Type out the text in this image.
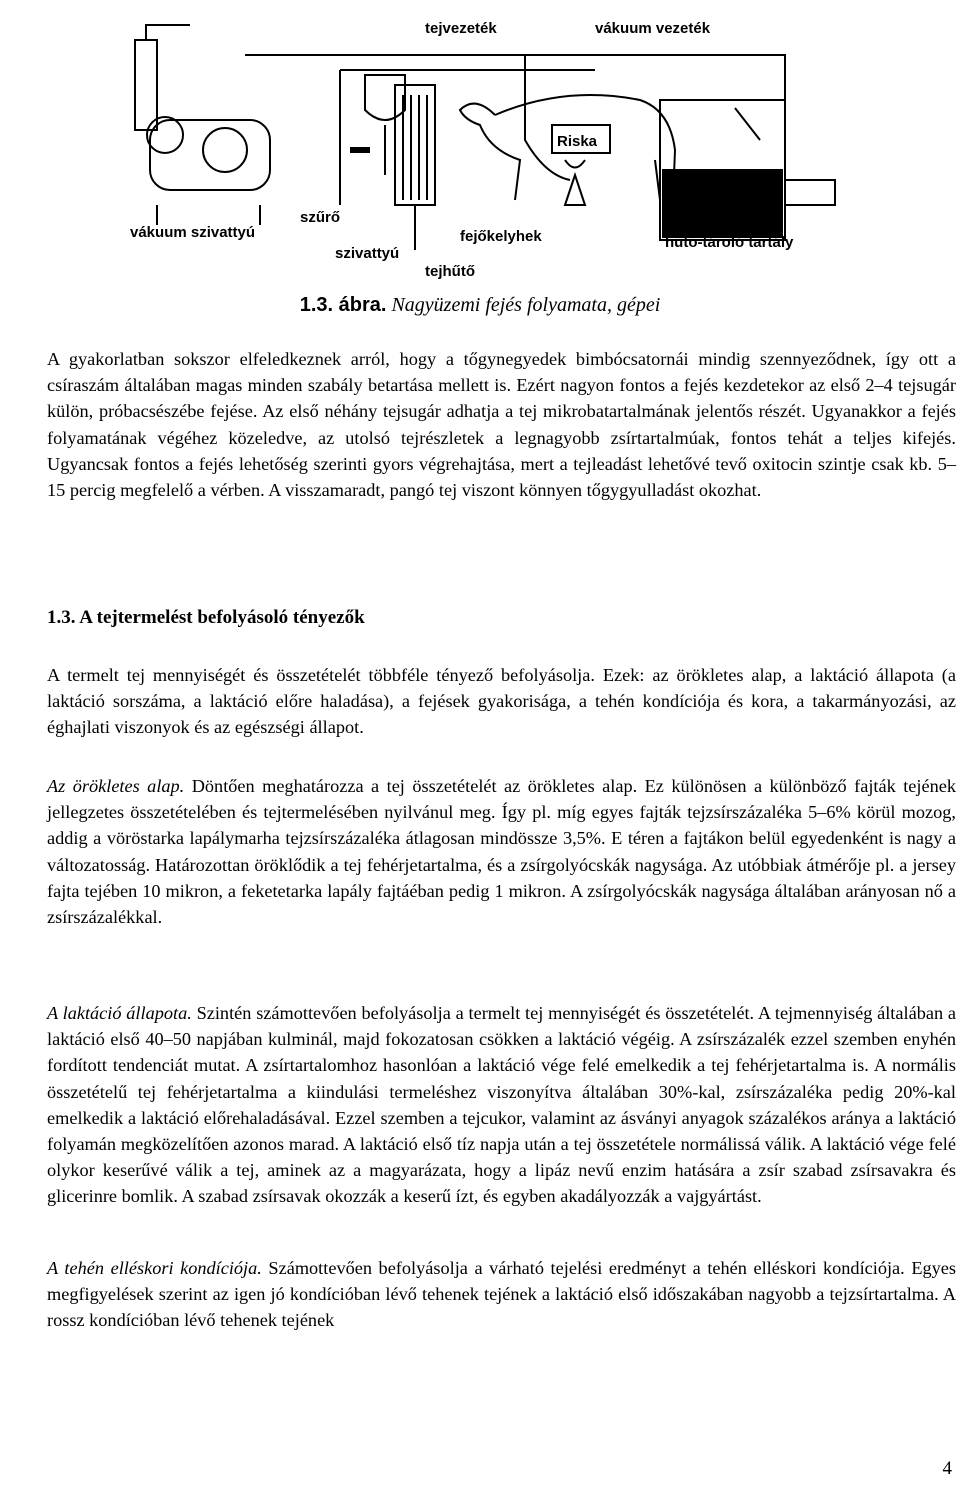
tejvezeték	vákuum vezeték
Riska
vákuum szivattyú
szűrő
szivattyú
fejőkelyhek	hűtő-tároló tartály
tejhűtő
1.3. ábra. Nagyüzemi fejés folyamata, gépei

A gyakorlatban sokszor elfeledkeznek arról, hogy a tőgynegyedek bimbócsatornái mindig szennyeződnek, így ott a csíraszám általában magas minden szabály betartása mellett is. Ezért nagyon fontos a fejés kezdetekor az első 2–4 tejsugár külön, próbacsészébe fejése. Az első néhány tejsugár adhatja a tej mikrobatartalmának jelentős részét. Ugyanakkor a fejés folyamatának végéhez közeledve, az utolsó tejrészletek a legnagyobb zsírtartalmúak, fontos tehát a teljes kifejés. Ugyancsak fontos a fejés lehetőség szerinti gyors végrehajtása, mert a tejleadást lehetővé tevő oxitocin szintje csak kb. 5–15 percig megfelelő a vérben. A visszamaradt, pangó tej viszont könnyen tőgygyulladást okozhat.

1.3. A tejtermelést befolyásoló tényezők

A termelt tej mennyiségét és összetételét többféle tényező befolyásolja. Ezek: az örökletes alap, a laktáció állapota (a laktáció sorszáma, a laktáció előre haladása), a fejések gyakorisága, a tehén kondíciója és kora, a takarmányozási, az éghajlati viszonyok és az egészségi állapot.

Az örökletes alap. Döntően meghatározza a tej összetételét az örökletes alap. Ez különösen a különböző fajták tejének jellegzetes összetételében és tejtermelésében nyilvánul meg. Így pl. míg egyes fajták tejzsírszázaléka 5–6% körül mozog, addig a vöröstarka lapálymarha tejzsírszázaléka átlagosan mindössze 3,5%. E téren a fajtákon belül egyedenként is nagy a változatosság. Határozottan öröklődik a tej fehérjetartalma, és a zsírgolyócskák nagysága. Az utóbbiak átmérője pl. a jersey fajta tejében 10 mikron, a feketetarka lapály fajtáéban pedig 1 mikron. A zsírgolyócskák nagysága általában arányosan nő a zsírszázalékkal.

A laktáció állapota. Szintén számottevően befolyásolja a termelt tej mennyiségét és összetételét. A tejmennyiség általában a laktáció első 40–50 napjában kulminál, majd fokozatosan csökken a laktáció végéig. A zsírszázalék ezzel szemben enyhén fordított tendenciát mutat. A zsírtartalomhoz hasonlóan a laktáció vége felé emelkedik a tej fehérjetartalma is. A normális összetételű tej fehérjetartalma a kiindulási termeléshez viszonyítva általában 30%-kal, zsírszázaléka pedig 20%-kal emelkedik a laktáció előrehaladásával. Ezzel szemben a tejcukor, valamint az ásványi anyagok százalékos aránya a laktáció folyamán megközelítően azonos marad. A laktáció első tíz napja után a tej összetétele normálissá válik. A laktáció vége felé olykor keserűvé válik a tej, aminek az a magyarázata, hogy a lipáz nevű enzim hatására a zsír szabad zsírsavakra és glicerinre bomlik. A szabad zsírsavak okozzák a keserű ízt, és egyben akadályozzák a vajgyártást.

A tehén elléskori kondíciója. Számottevően befolyásolja a várható tejelési eredményt a tehén elléskori kondíciója. Egyes megfigyelések szerint az igen jó kondícióban lévő tehenek tejének a laktáció első időszakában nagyobb a tejzsírtartalma. A rossz kondícióban lévő tehenek tejének

4
